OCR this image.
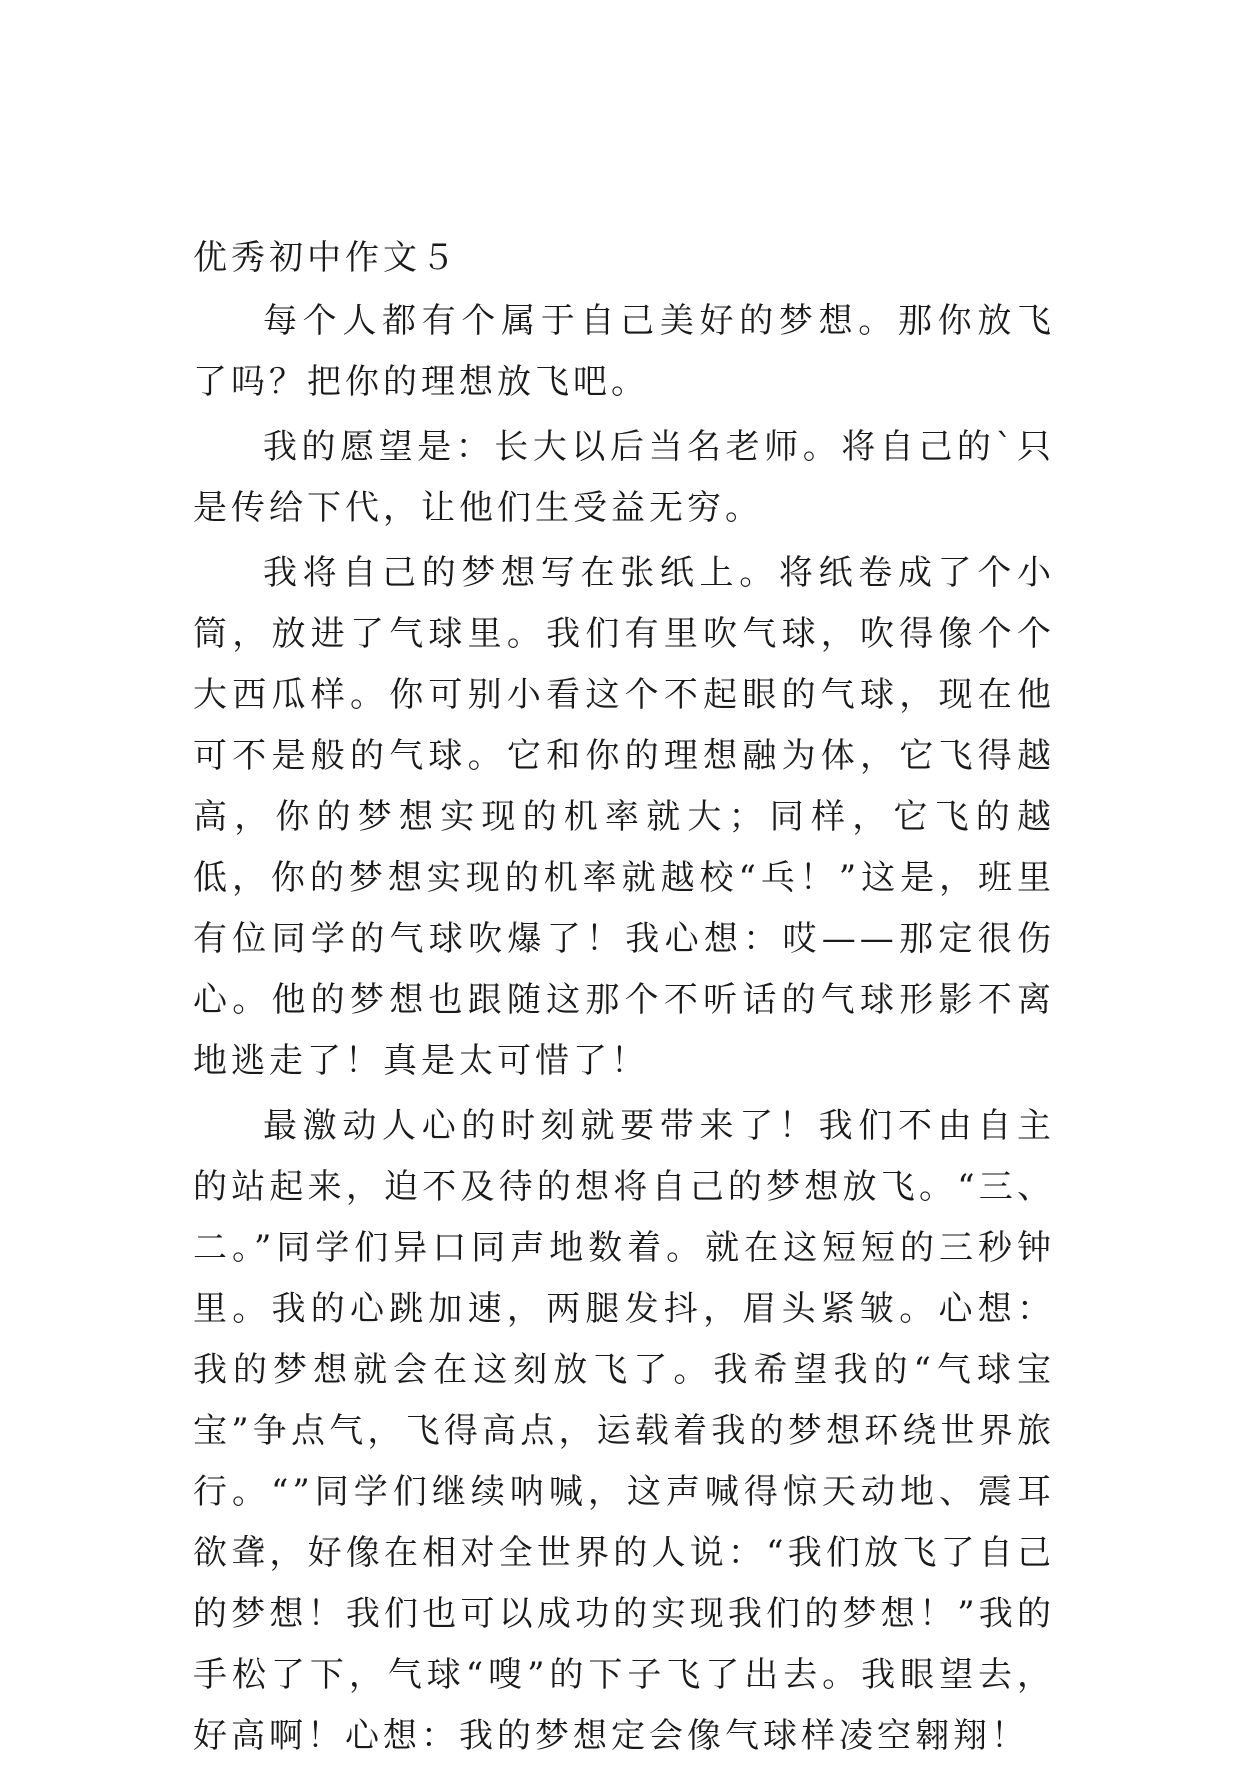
优秀初中作文５

每个人都有个属于自己美好的梦想。那你放飞了吗？把你的理想放飞吧。

我的愿望是：长大以后当名老师。将自己的`只是传给下代，让他们生受益无穷。

我将自己的梦想写在张纸上。将纸卷成了个小筒，放进了气球里。我们有里吹气球，吹得像个个大西瓜样。你可别小看这个不起眼的气球，现在他可不是般的气球。它和你的理想融为体，它飞得越高，你的梦想实现的机率就大；同样，它飞的越低，你的梦想实现的机率就越校“乓！”这是，班里有位同学的气球吹爆了！我心想：哎——那定很伤心。他的梦想也跟随这那个不听话的气球形影不离地逃走了！真是太可惜了！

最激动人心的时刻就要带来了！我们不由自主的站起来，迫不及待的想将自己的梦想放飞。“三、二。”同学们异口同声地数着。就在这短短的三秒钟里。我的心跳加速，两腿发抖，眉头紧皱。心想：我的梦想就会在这刻放飞了。我希望我的“气球宝宝”争点气，飞得高点，运载着我的梦想环绕世界旅行。“”同学们继续呐喊，这声喊得惊天动地、震耳欲聋，好像在相对全世界的人说：“我们放飞了自己的梦想！我们也可以成功的实现我们的梦想！”我的手松了下，气球“嗖”的下子飞了出去。我眼望去，好高啊！心想：我的梦想定会像气球样凌空翱翔！
